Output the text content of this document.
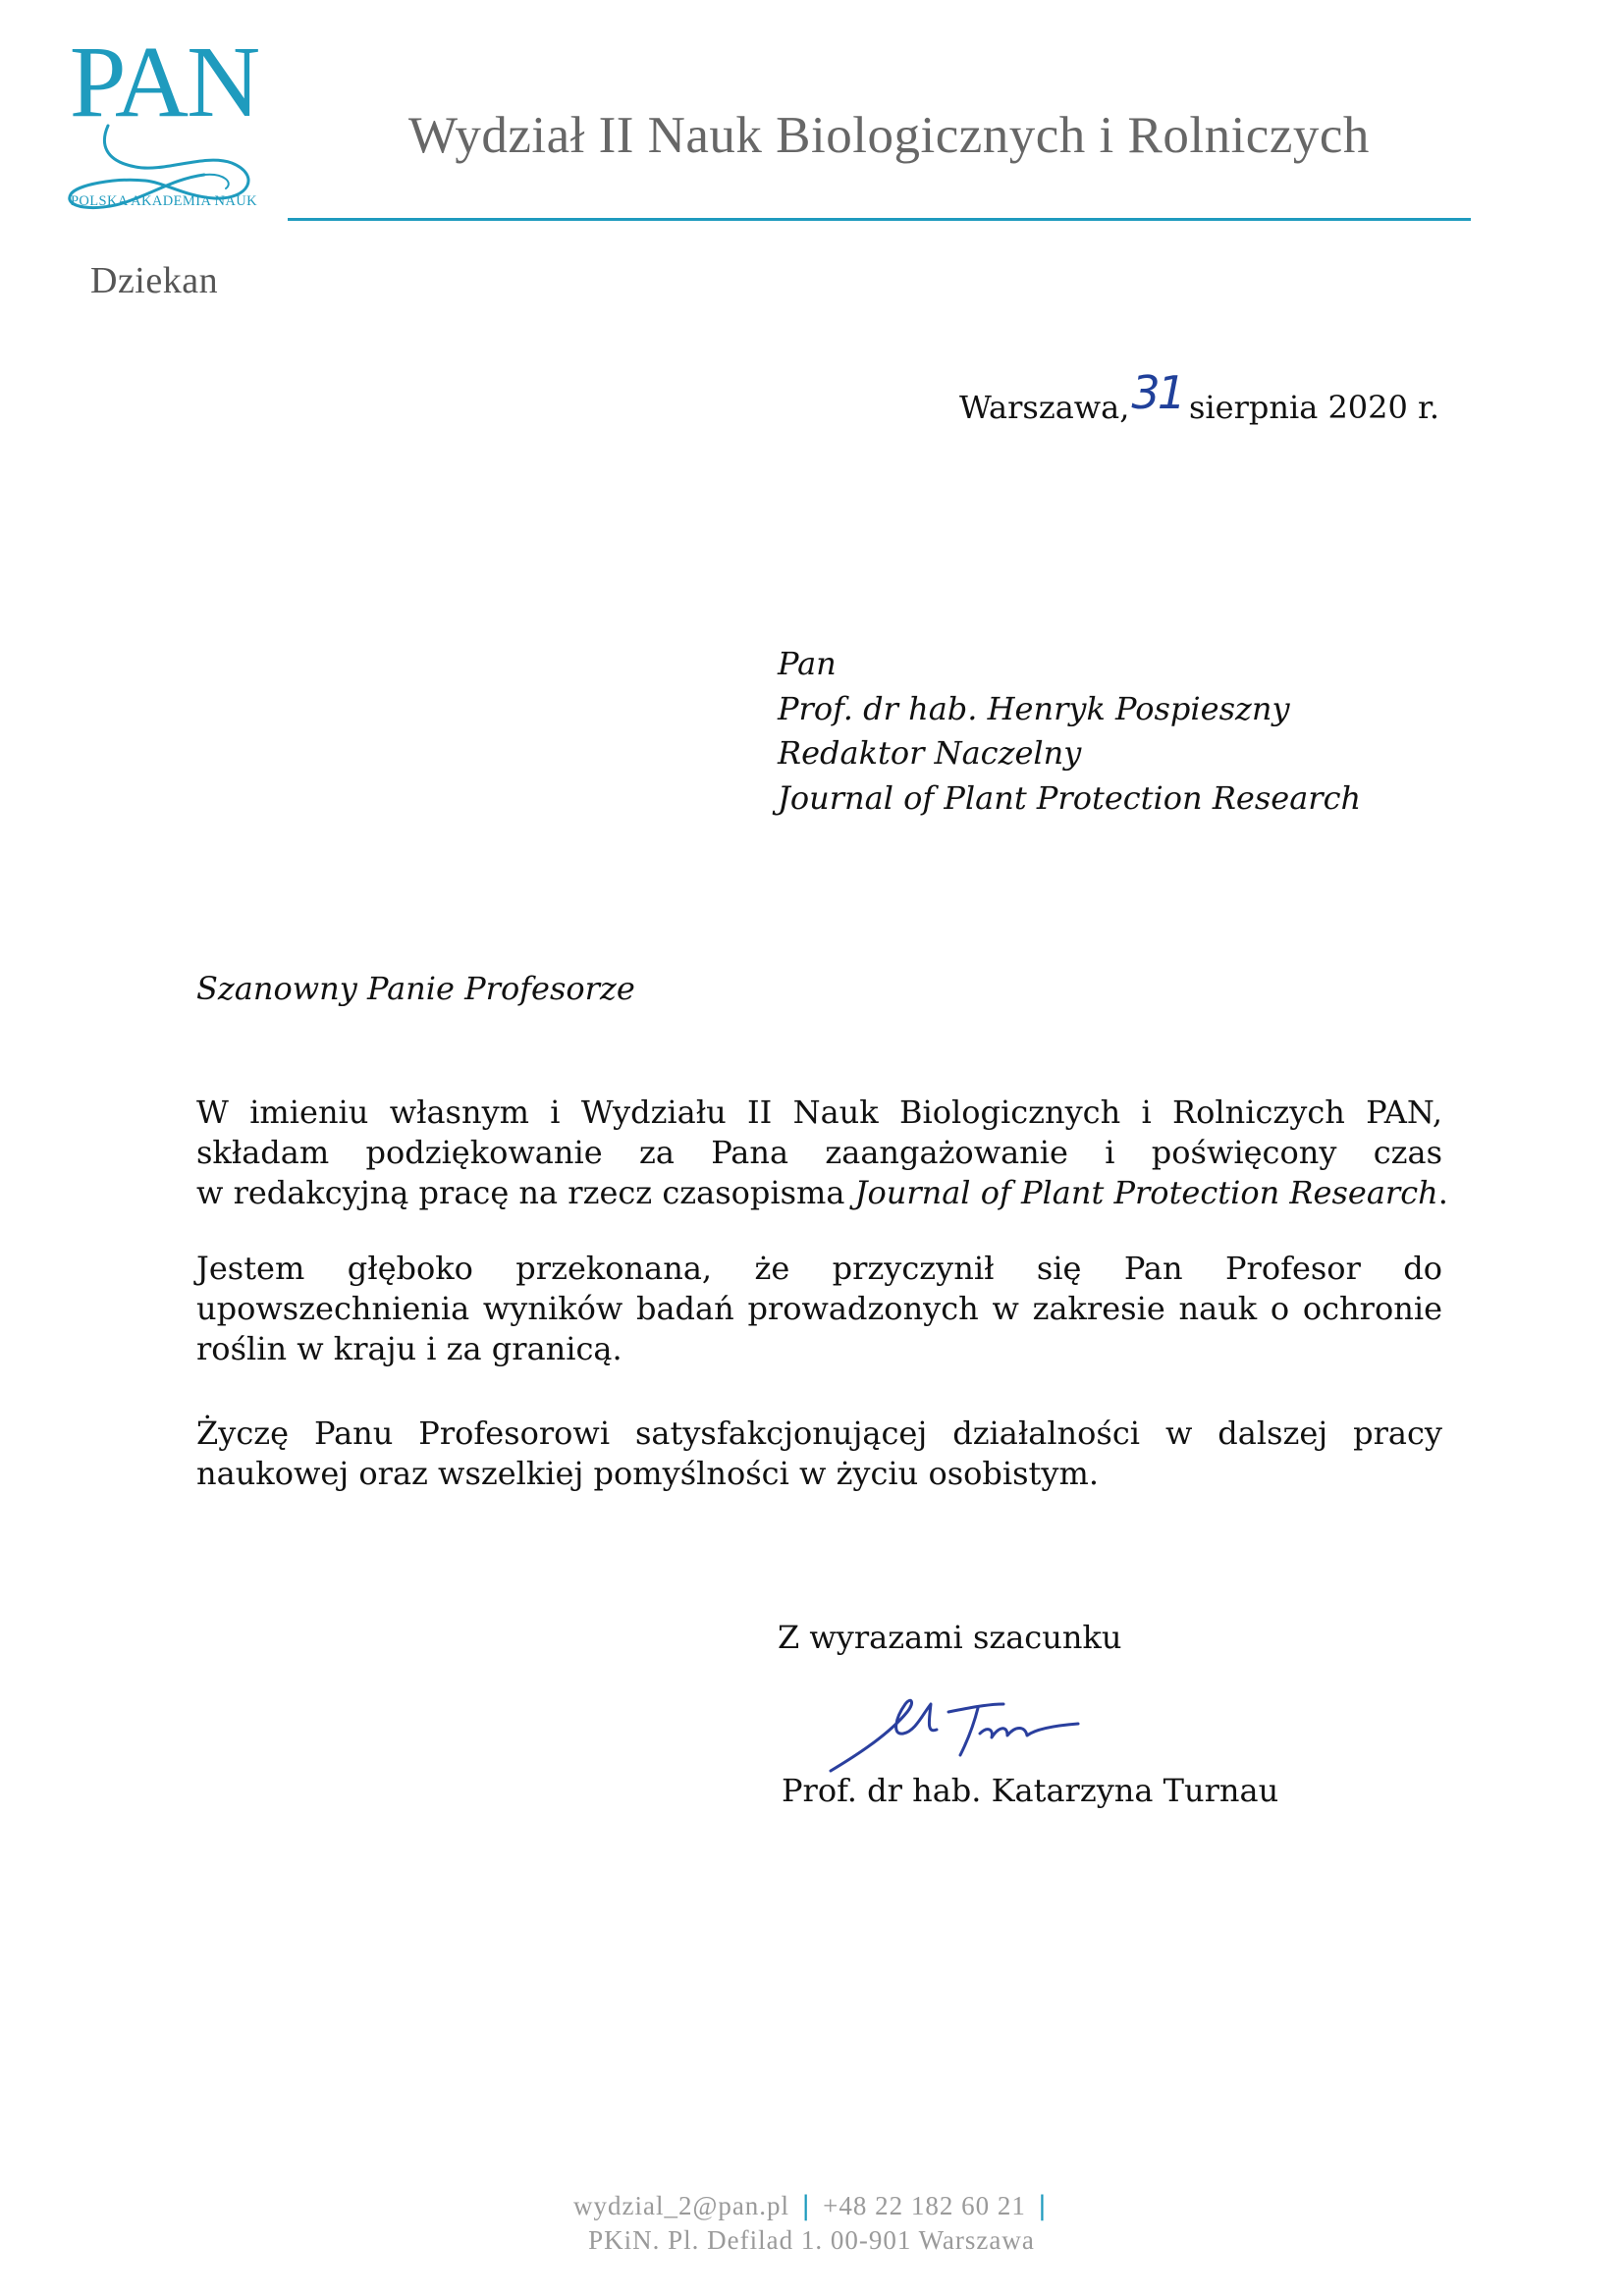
PAN
POLSKA AKADEMIA NAUK
Wydział II Nauk Biologicznych i Rolniczych
Dziekan
Warszawa,31 sierpnia 2020 r.
Pan
Prof. dr hab. Henryk Pospieszny
Redaktor Naczelny
Journal of Plant Protection Research
Szanowny Panie Profesorze
W imieniu własnym i Wydziału II Nauk Biologicznych i Rolniczych PAN,
składam podziękowanie za Pana zaangażowanie i poświęcony czas
w redakcyjną pracę na rzecz czasopisma Journal of Plant Protection Research.
Jestem głęboko przekonana, że przyczynił się Pan Profesor do
upowszechnienia wyników badań prowadzonych w zakresie nauk o ochronie
roślin w kraju i za granicą.
Życzę Panu Profesorowi satysfakcjonującej działalności w dalszej pracy
naukowej oraz wszelkiej pomyślności w życiu osobistym.
Z wyrazami szacunku
Prof. dr hab. Katarzyna Turnau
wydzial_2@pan.pl | +48 22 182 60 21 |
PKiN. Pl. Defilad 1. 00-901 Warszawa
